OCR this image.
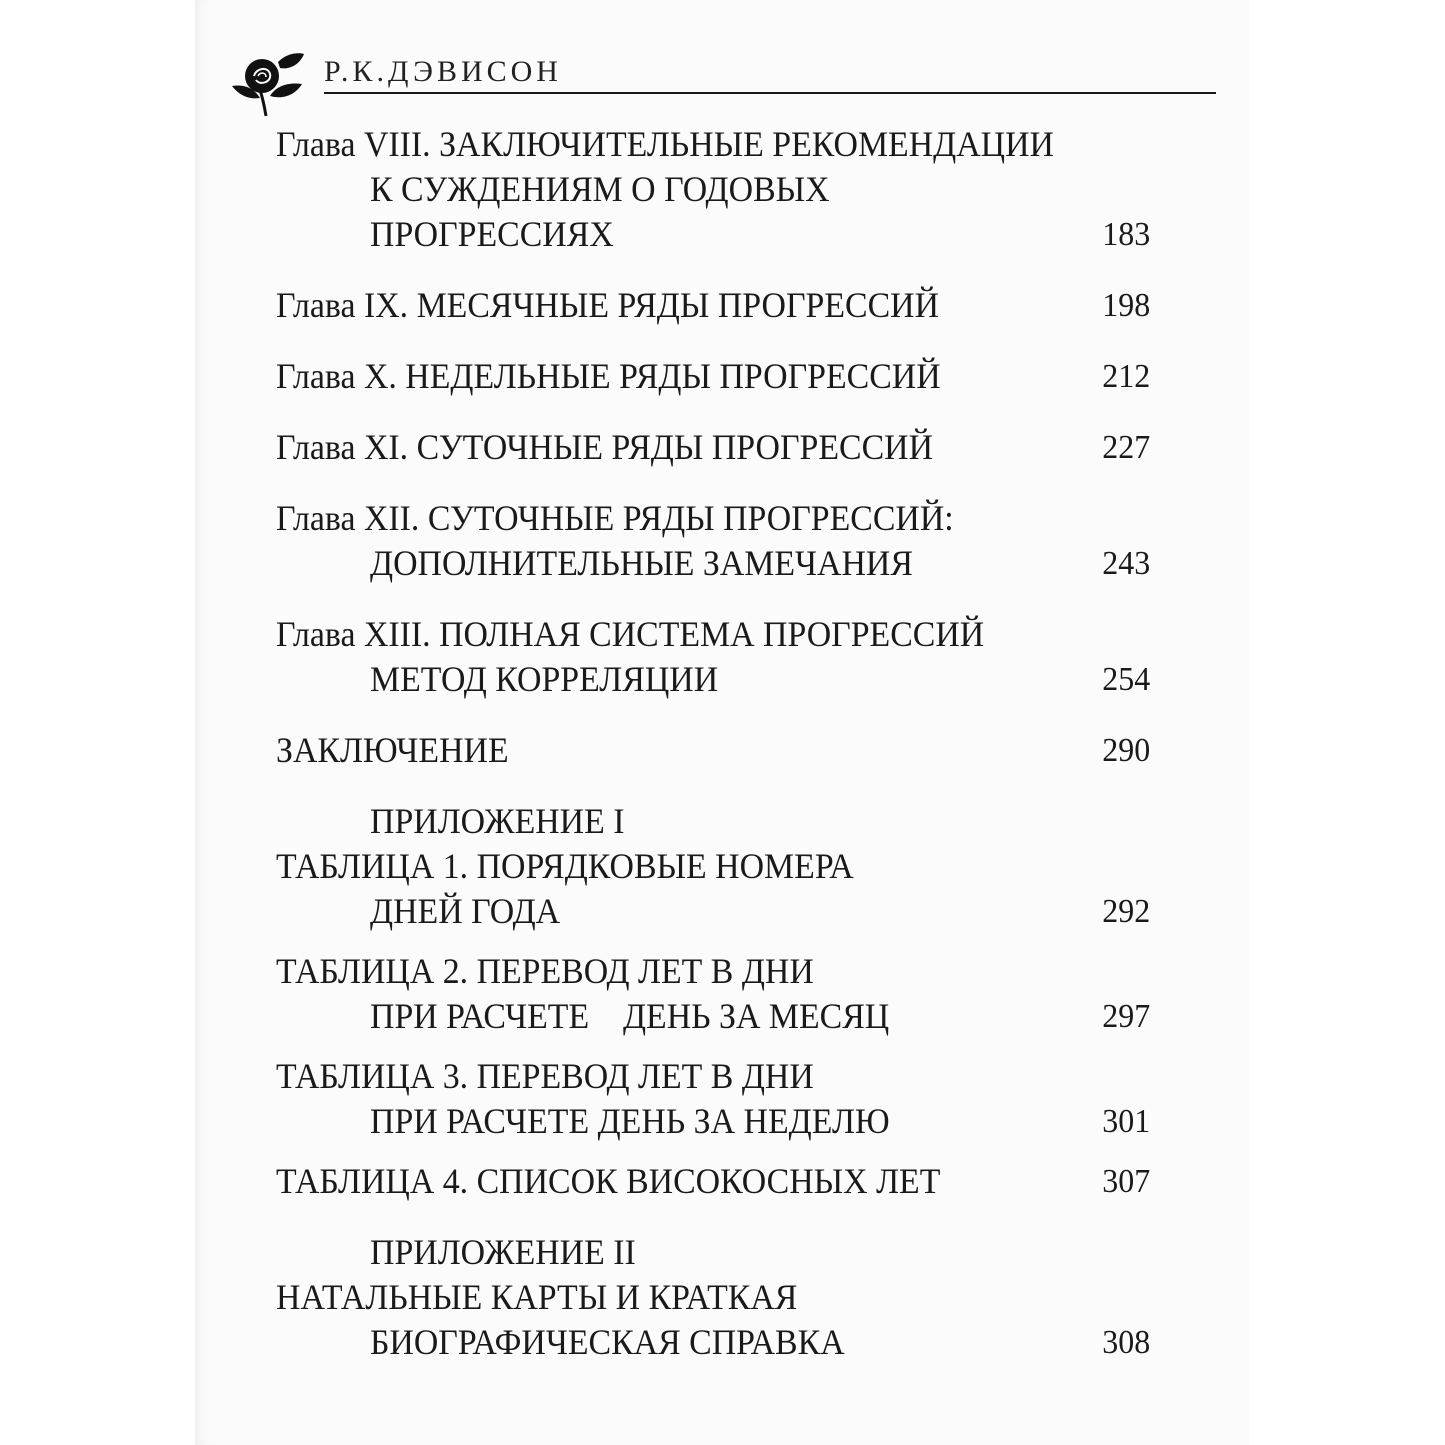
Р.К.ДЭВИСОН
Глава VIII. ЗАКЛЮЧИТЕЛЬНЫЕ РЕКОМЕНДАЦИИ
К СУЖДЕНИЯМ О ГОДОВЫХ
ПРОГРЕССИЯХ	183
Глава IX. МЕСЯЧНЫЕ РЯДЫ ПРОГРЕССИЙ	198
Глава X. НЕДЕЛЬНЫЕ РЯДЫ ПРОГРЕССИЙ	212
Глава XI. СУТОЧНЫЕ РЯДЫ ПРОГРЕССИЙ	227
Глава XII. СУТОЧНЫЕ РЯДЫ ПРОГРЕССИЙ:
ДОПОЛНИТЕЛЬНЫЕ ЗАМЕЧАНИЯ	243
Глава XIII. ПОЛНАЯ СИСТЕМА ПРОГРЕССИЙ
МЕТОД КОРРЕЛЯЦИИ	254
ЗАКЛЮЧЕНИЕ	290
ПРИЛОЖЕНИЕ I
ТАБЛИЦА 1. ПОРЯДКОВЫЕ НОМЕРА
ДНЕЙ ГОДА	292
ТАБЛИЦА 2. ПЕРЕВОД ЛЕТ В ДНИ
ПРИ РАСЧЕТЕ    ДЕНЬ ЗА МЕСЯЦ	297
ТАБЛИЦА 3. ПЕРЕВОД ЛЕТ В ДНИ
ПРИ РАСЧЕТЕ ДЕНЬ ЗА НЕДЕЛЮ	301
ТАБЛИЦА 4. СПИСОК ВИСОКОСНЫХ ЛЕТ	307
ПРИЛОЖЕНИЕ II
НАТАЛЬНЫЕ КАРТЫ И КРАТКАЯ
БИОГРАФИЧЕСКАЯ СПРАВКА	308
